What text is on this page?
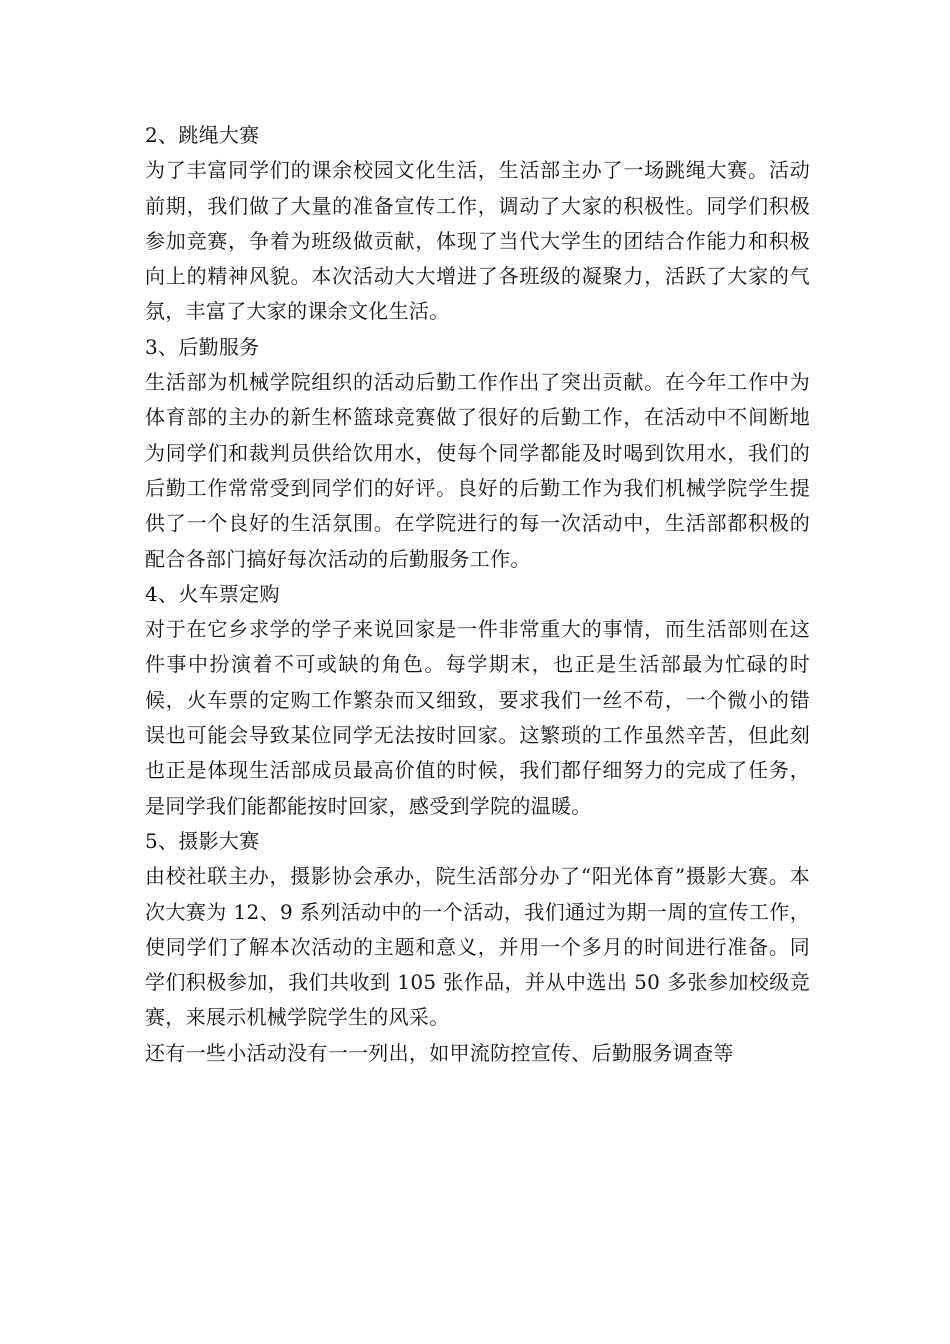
2、跳绳大赛
为了丰富同学们的课余校园文化生活，生活部主办了一场跳绳大赛。活动前期，我们做了大量的准备宣传工作，调动了大家的积极性。同学们积极参加竞赛，争着为班级做贡献，体现了当代大学生的团结合作能力和积极向上的精神风貌。本次活动大大增进了各班级的凝聚力，活跃了大家的气氛，丰富了大家的课余文化生活。
3、后勤服务
生活部为机械学院组织的活动后勤工作作出了突出贡献。在今年工作中为体育部的主办的新生杯篮球竞赛做了很好的后勤工作，在活动中不间断地为同学们和裁判员供给饮用水，使每个同学都能及时喝到饮用水，我们的后勤工作常常受到同学们的好评。良好的后勤工作为我们机械学院学生提供了一个良好的生活氛围。在学院进行的每一次活动中，生活部都积极的配合各部门搞好每次活动的后勤服务工作。
4、火车票定购
对于在它乡求学的学子来说回家是一件非常重大的事情，而生活部则在这件事中扮演着不可或缺的角色。每学期末，也正是生活部最为忙碌的时候，火车票的定购工作繁杂而又细致，要求我们一丝不苟，一个微小的错误也可能会导致某位同学无法按时回家。这繁琐的工作虽然辛苦，但此刻也正是体现生活部成员最高价值的时候，我们都仔细努力的完成了任务，是同学我们能都能按时回家，感受到学院的温暖。
5、摄影大赛
由校社联主办，摄影协会承办，院生活部分办了“阳光体育”摄影大赛。本次大赛为 12、9 系列活动中的一个活动，我们通过为期一周的宣传工作，使同学们了解本次活动的主题和意义，并用一个多月的时间进行准备。同学们积极参加，我们共收到 105 张作品，并从中选出 50 多张参加校级竞赛，来展示机械学院学生的风采。
还有一些小活动没有一一列出，如甲流防控宣传、后勤服务调查等
